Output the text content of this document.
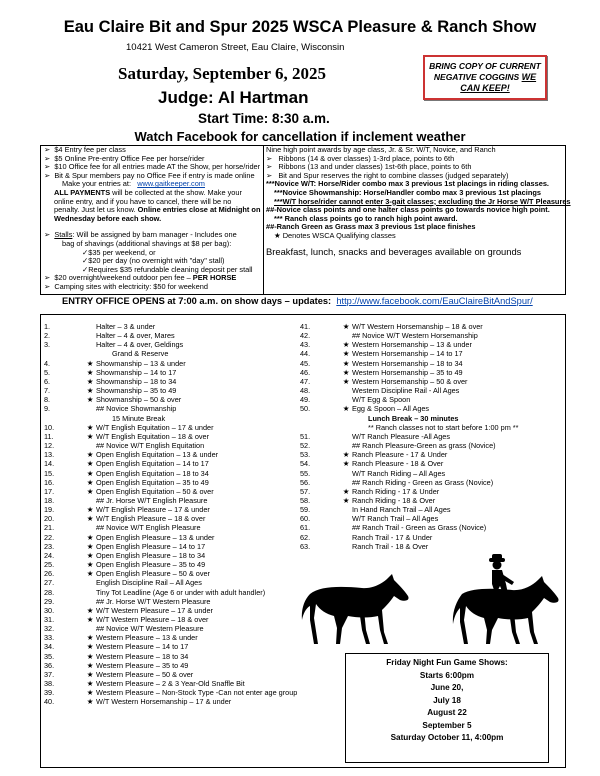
Eau Claire Bit and Spur 2025 WSCA Pleasure & Ranch Show
10421 West Cameron Street, Eau Claire, Wisconsin
Saturday, September 6, 2025
Judge: Al Hartman
Start Time: 8:30 a.m.
Watch Facebook for cancellation if inclement weather
BRING COPY OF CURRENT
NEGATIVE COGGINS WE
CAN KEEP!
➢  $4 Entry fee per class
➢  $5 Online Pre-entry Office Fee per horse/rider
➢  $10 Office fee for all entries made AT the Show, per horse/rider
➢  Bit & Spur members pay no Office Fee if entry is made online
Make your entries at: www.gaitkeeper.com
ALL PAYMENTS will be collected at the show. Make your
online entry, and if you have to cancel, there will be no
penalty. Just let us know. Online entries close at Midnight on
Wednesday before each show.
➢  Stalls: Will be assigned by barn manager - Includes one
bag of shavings (additional shavings at $8 per bag):
✓$35 per weekend, or
✓$20 per day (no overnight with "day" stall)
✓Requires $35 refundable cleaning deposit per stall
➢  $20 overnight/weekend outdoor pen fee – PER HORSE
➢  Camping sites with electricity: $50 for weekend
Nine high point awards by age class, Jr. & Sr. W/T, Novice, and Ranch
➢   Ribbons (14 & over classes) 1-3rd place, points to 6th
➢   Ribbons (13 and under classes) 1st-6th place, points to 6th
➢   Bit and Spur reserves the right to combine classes (judged separately)
***Novice W/T: Horse/Rider combo max 3 previous 1st placings in riding classes.
***Novice Showmanship: Horse/Handler combo max 3 previous 1st placings
***W/T horse/rider cannot enter 3-gait classes; excluding the Jr Horse W/T Pleasures
##-Novice class points and one halter class points go towards novice high point.
*** Ranch class points go to ranch high point award.
##-Ranch Green as Grass max 3 previous 1st place finishes
★ Denotes WSCA Qualifying classes
Breakfast, lunch, snacks and beverages available on grounds
ENTRY OFFICE OPENS at 7:00 a.m. on show days – updates: http://www.facebook.com/EauClaireBitAndSpur/
1.	Halter – 3 & under
2.	Halter – 4 & over, Mares
3.	Halter – 4 & over, Geldings
Grand & Reserve
4.	★ Showmanship – 13 & under
5.	★ Showmanship – 14 to 17
6.	★ Showmanship – 18 to 34
7.	★ Showmanship – 35 to 49
8.	★ Showmanship – 50 & over
9.	## Novice Showmanship
15 Minute Break
10.	★ W/T English Equitation – 17 & under
11.	★ W/T English Equitation – 18 & over
12.	## Novice W/T English Equitation
13.	★ Open English Equitation – 13 & under
14.	★ Open English Equitation – 14 to 17
15.	★ Open English Equitation – 18 to 34
16.	★ Open English Equitation – 35 to 49
17.	★ Open English Equitation – 50 & over
18.	## Jr. Horse W/T English Pleasure
19.	★ W/T English Pleasure – 17 & under
20.	★ W/T English Pleasure – 18 & over
21.	## Novice W/T English Pleasure
22.	★ Open English Pleasure – 13 & under
23.	★ Open English Pleasure – 14 to 17
24.	★ Open English Pleasure – 18 to 34
25.	★ Open English Pleasure – 35 to 49
26.	★ Open English Pleasure – 50 & over
27.	English Discipline Rail – All Ages
28.	Tiny Tot Leadline (Age 6 or under with adult handler)
29.	## Jr. Horse W/T Western Pleasure
30.	★ W/T Western Pleasure – 17 & under
31.	★ W/T Western Pleasure – 18 & over
32.	## Novice W/T Western Pleasure
33.	★ Western Pleasure – 13 & under
34.	★ Western Pleasure – 14 to 17
35.	★ Western Pleasure – 18 to 34
36.	★ Western Pleasure – 35 to 49
37.	★ Western Pleasure – 50 & over
38.	★ Western Pleasure – 2 & 3 Year-Old Snaffle Bit
39.	★ Western Pleasure – Non-Stock Type -Can not enter age group
40.	★ W/T Western Horsemanship – 17 & under
41.	★ W/T Western Horsemanship – 18 & over
42.	## Novice W/T Western Horsemanship
43.	★ Western Horsemanship – 13 & under
44.	★ Western Horsemanship – 14 to 17
45.	★ Western Horsemanship – 18 to 34
46.	★ Western Horsemanship – 35 to 49
47.	★ Western Horsemanship – 50 & over
48.	Western Discipline Rail - All Ages
49.	W/T Egg & Spoon
50.	★ Egg & Spoon – All Ages
Lunch Break – 30 minutes
** Ranch classes not to start before 1:00 pm **
51.	W/T Ranch Pleasure -All Ages
52.	## Ranch Pleasure-Green as grass (Novice)
53.	★ Ranch Pleasure - 17 & Under
54.	★ Ranch Pleasure - 18 & Over
55.	W/T Ranch Riding – All Ages
56.	## Ranch Riding - Green as Grass (Novice)
57.	★ Ranch Riding - 17 & Under
58.	★ Ranch Riding - 18 & Over
59.	In Hand Ranch Trail – All Ages
60.	W/T Ranch Trail – All Ages
61.	## Ranch Trail - Green as Grass (Novice)
62.	Ranch Trail - 17 & Under
63.	Ranch Trail - 18 & Over
Friday Night Fun Game Shows:
Starts 6:00pm
June 20,
July 18
August 22
September 5
Saturday October 11, 4:00pm
